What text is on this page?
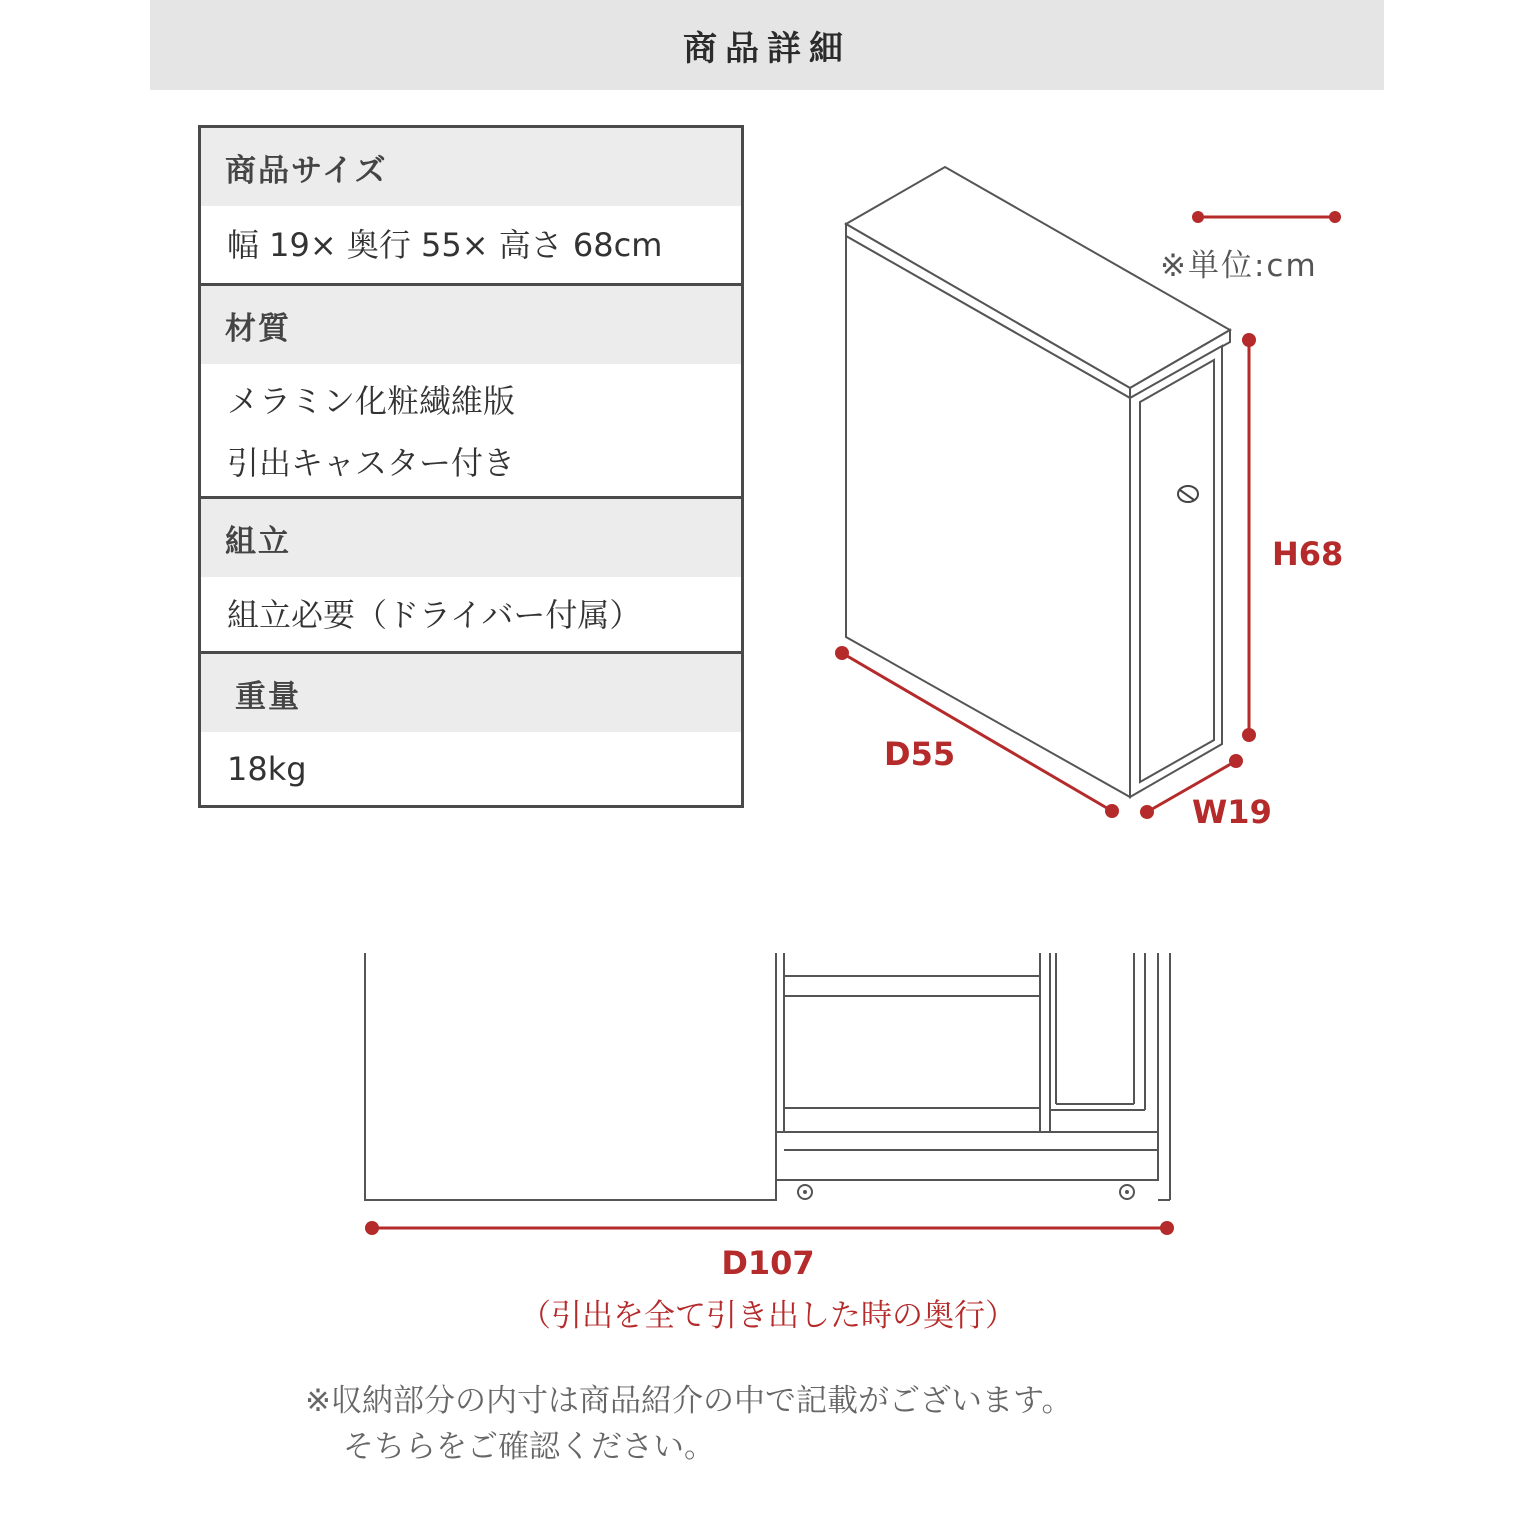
商品詳細
商品サイズ
幅 19× 奥行 55× 高さ 68cm
材質
メラミン化粧繊維版
引出キャスター付き
組立
組立必要（ドライバー付属）
重量
18kg
H68
D55
W19
※単位:cm
D107
（引出を全て引き出した時の奥行）
※収納部分の内寸は商品紹介の中で記載がございます。
そちらをご確認ください。
